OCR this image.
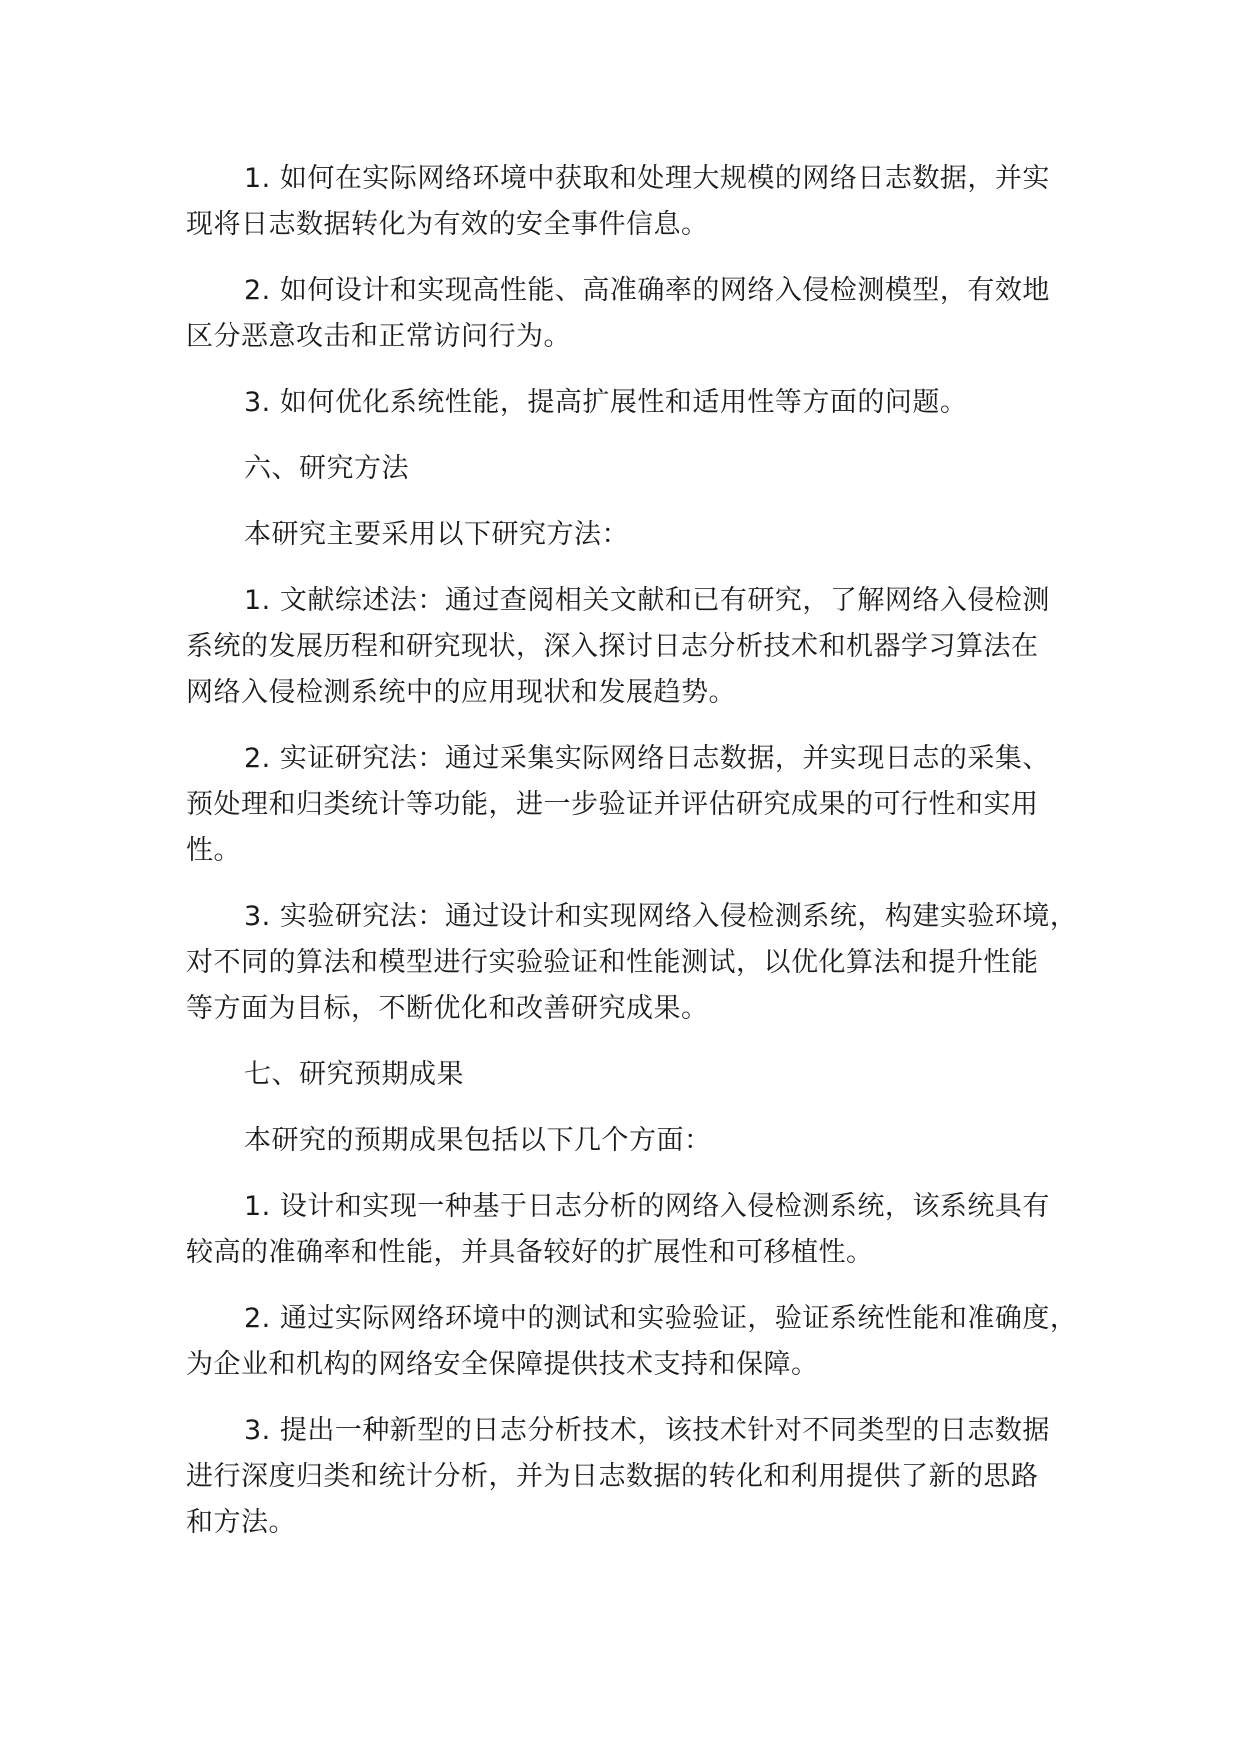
1. 如何在实际网络环境中获取和处理大规模的网络日志数据，并实
现将日志数据转化为有效的安全事件信息。

2. 如何设计和实现高性能、高准确率的网络入侵检测模型，有效地
区分恶意攻击和正常访问行为。

3. 如何优化系统性能，提高扩展性和适用性等方面的问题。

六、研究方法

本研究主要采用以下研究方法：

1. 文献综述法：通过查阅相关文献和已有研究，了解网络入侵检测
系统的发展历程和研究现状，深入探讨日志分析技术和机器学习算法在
网络入侵检测系统中的应用现状和发展趋势。

2. 实证研究法：通过采集实际网络日志数据，并实现日志的采集、
预处理和归类统计等功能，进一步验证并评估研究成果的可行性和实用
性。

3. 实验研究法：通过设计和实现网络入侵检测系统，构建实验环境，
对不同的算法和模型进行实验验证和性能测试，以优化算法和提升性能
等方面为目标，不断优化和改善研究成果。

七、研究预期成果

本研究的预期成果包括以下几个方面：

1. 设计和实现一种基于日志分析的网络入侵检测系统，该系统具有
较高的准确率和性能，并具备较好的扩展性和可移植性。

2. 通过实际网络环境中的测试和实验验证，验证系统性能和准确度，
为企业和机构的网络安全保障提供技术支持和保障。

3. 提出一种新型的日志分析技术，该技术针对不同类型的日志数据
进行深度归类和统计分析，并为日志数据的转化和利用提供了新的思路
和方法。
